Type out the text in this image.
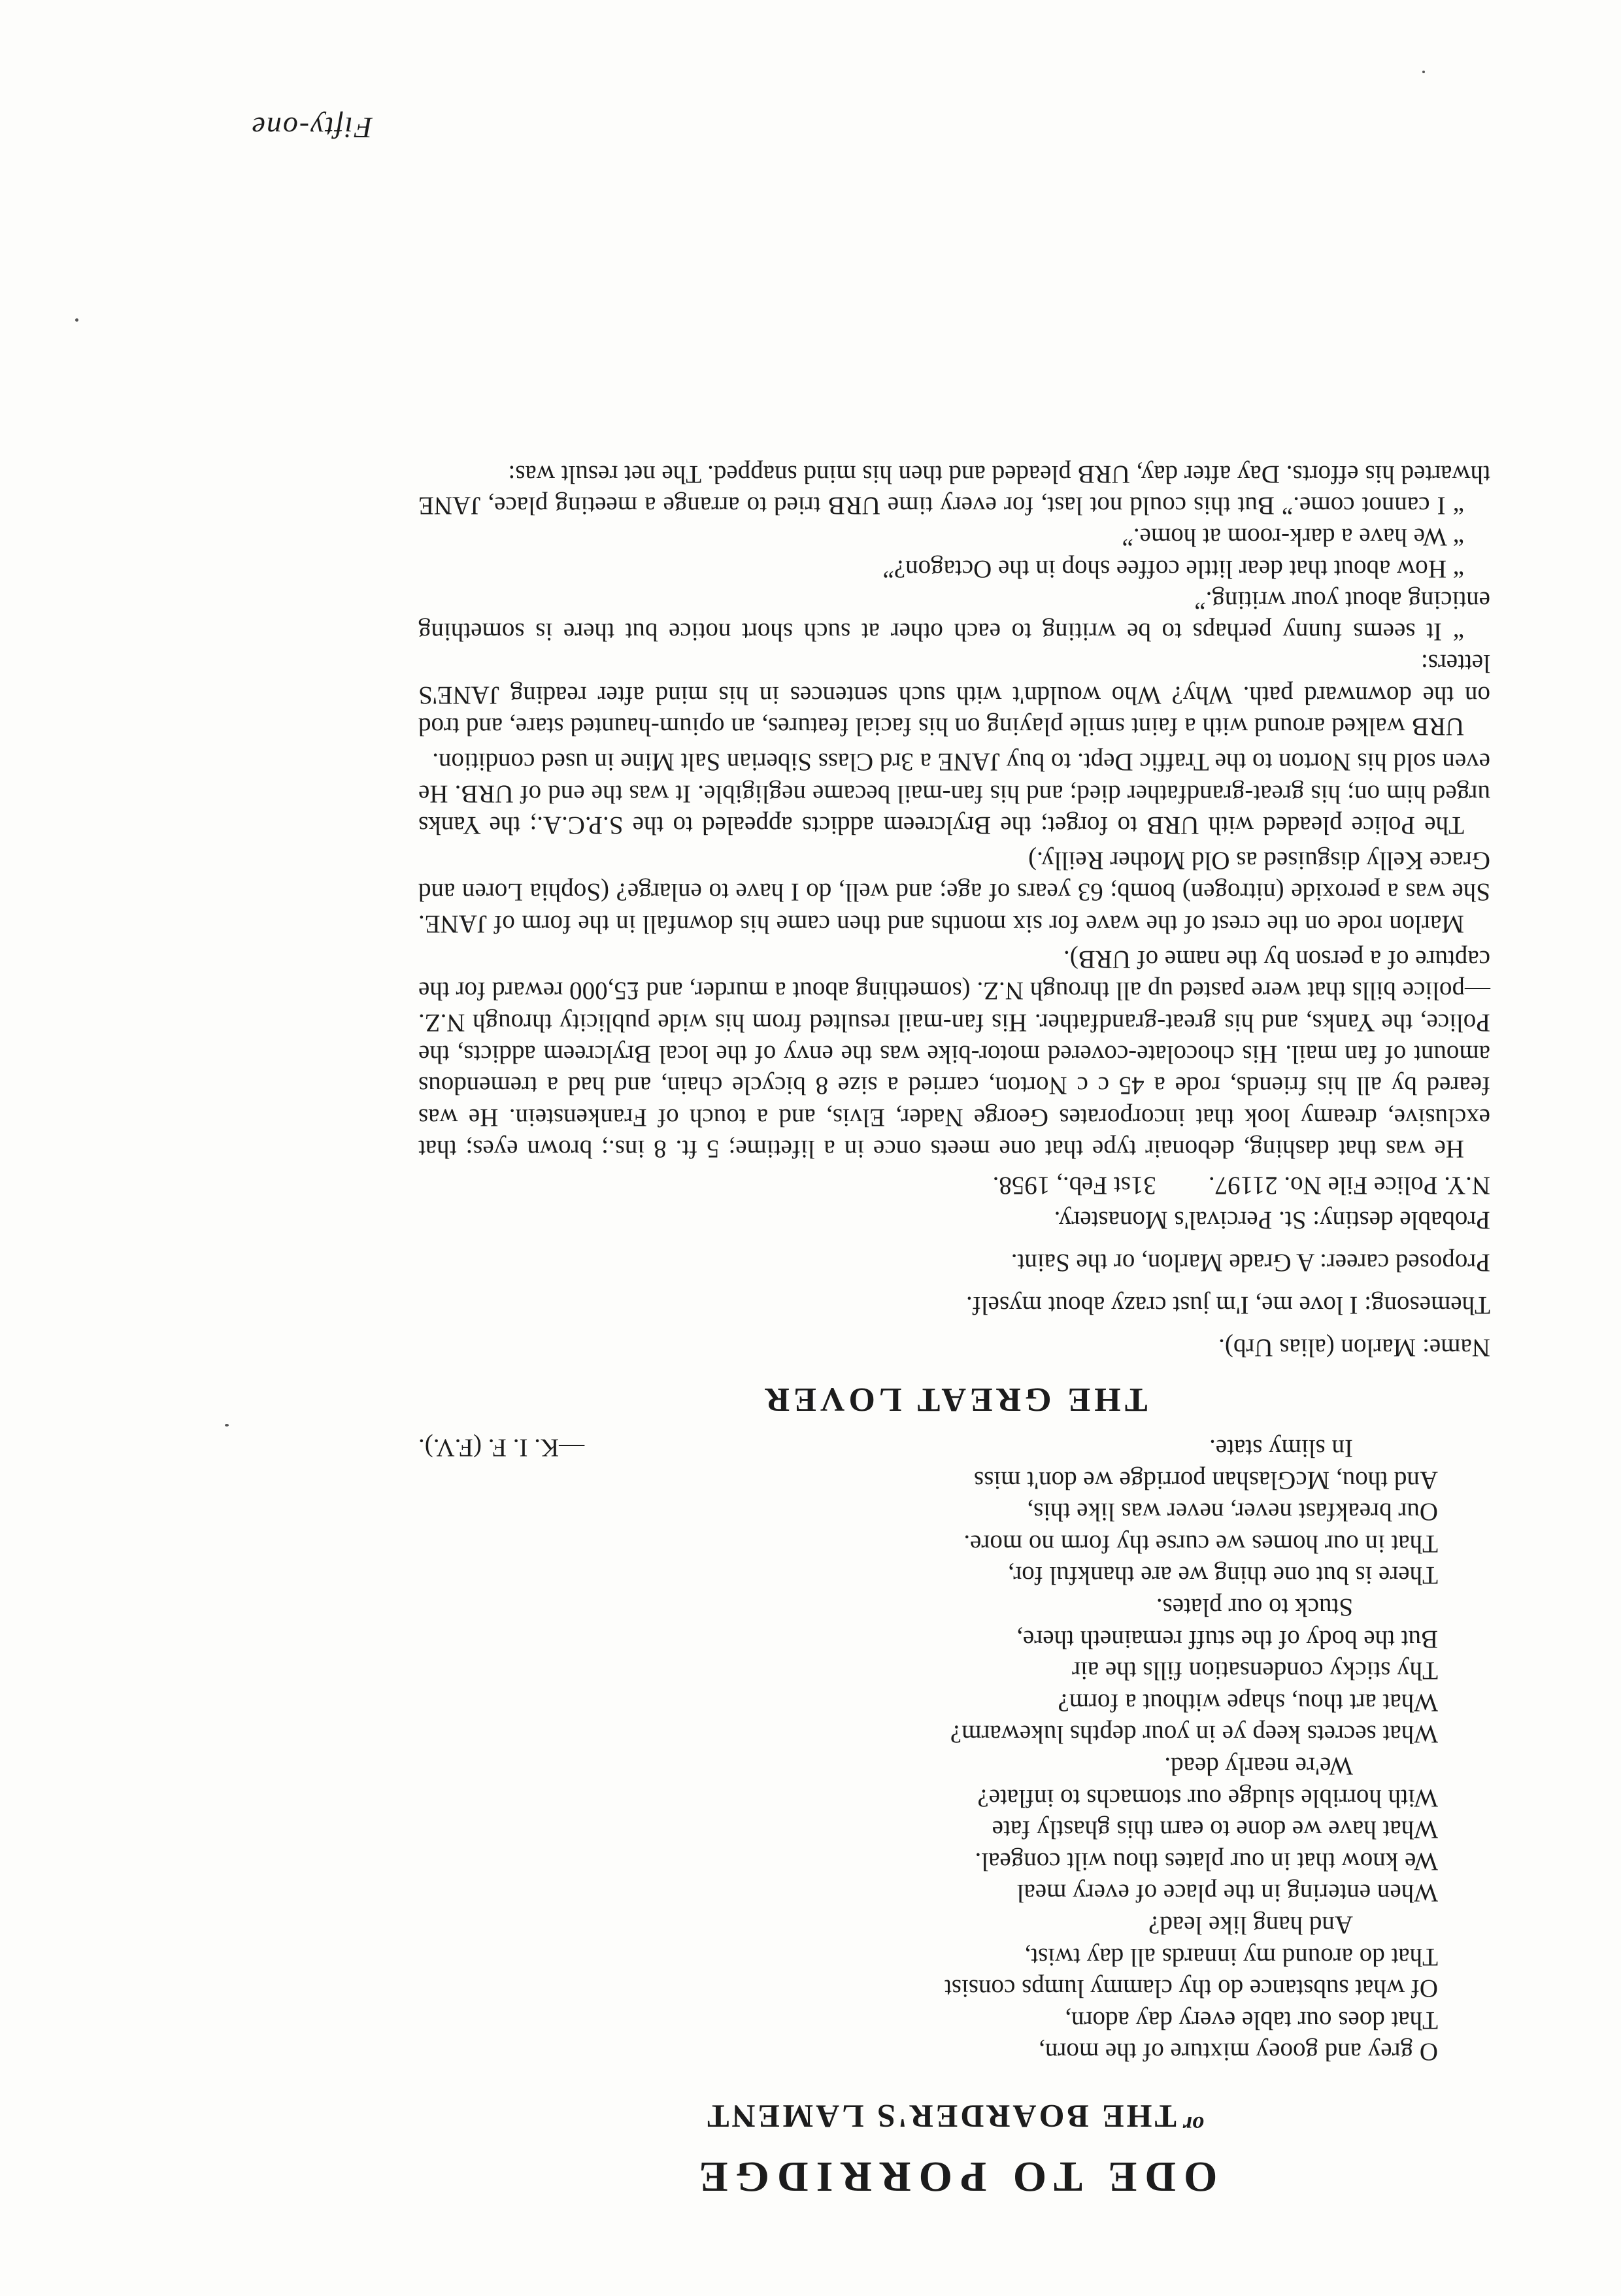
ODE TO PORRIDGE
$^{or}$THE BOARDER'S LAMENT
O grey and gooey mixture of the morn,
That does our table every day adorn,
Of what substance do thy clammy lumps consist
That do around my innards all day twist,
And hang like lead?
When entering in the place of every meal
We know that in our plates thou wilt congeal.
What have we done to earn this ghastly fate
With horrible sludge our stomachs to inflate?
We're nearly dead.
What secrets keep ye in your depths lukewarm?
What art thou, shape without a form?
Thy sticky condensation fills the air
But the body of the stuff remaineth there,
Stuck to our plates.
There is but one thing we are thankful for,
That in our homes we curse thy form no more.
Our breakfast never, never was like this,
And thou, McGlashan porridge we don't miss
In slimy state.
—K. I. F. (F.V.).
THE GREAT LOVER
Name: Marlon (alias Urb).
Themesong: I love me, I'm just crazy about myself.
Proposed career: A Grade Marlon, or the Saint.
Probable destiny: St. Percival's Monastery.
N.Y. Police File No. 21197.31st Feb., 1958.

He was that dashing, debonair type that one meets once in a lifetime; 5 ft. 8 ins.; brown eyes; that exclusive, dreamy look that incorporates George Nader, Elvis, and a touch of Frankenstein. He was feared by all his friends, rode a 45 c c Norton, carried a size 8 bicycle chain, and had a tremendous amount of fan mail. His chocolate-covered motor-bike was the envy of the local Brylcreem addicts, the Police, the Yanks, and his great-grandfather. His fan-mail resulted from his wide publicity through N.Z.—police bills that were pasted up all through N.Z. (something about a murder, and £5,000 reward for the capture of a person by the name of URB).

Marlon rode on the crest of the wave for six months and then came his downfall in the form of JANE. She was a peroxide (nitrogen) bomb; 63 years of age; and well, do I have to enlarge? (Sophia Loren and Grace Kelly disguised as Old Mother Reilly.)

The Police pleaded with URB to forget; the Brylcreem addicts appealed to the S.P.C.A.; the Yanks urged him on; his great-grandfather died; and his fan-mail became negligible. It was the end of URB. He even sold his Norton to the Traffic Dept. to buy JANE a 3rd Class Siberian Salt Mine in used condition.

URB walked around with a faint smile playing on his facial features, an opium-haunted stare, and trod on the downward path. Why? Who wouldn't with such sentences in his mind after reading JANE'S letters:

“ It seems funny perhaps to be writing to each other at such short notice but there is something enticing about your writing.”

“ How about that dear little coffee shop in the Octagon?”

“ We have a dark-room at home.”

“ I cannot come.” But this could not last, for every time URB tried to arrange a meeting place, JANE thwarted his efforts. Day after day, URB pleaded and then his mind snapped. The net result was:

Fifty-one
